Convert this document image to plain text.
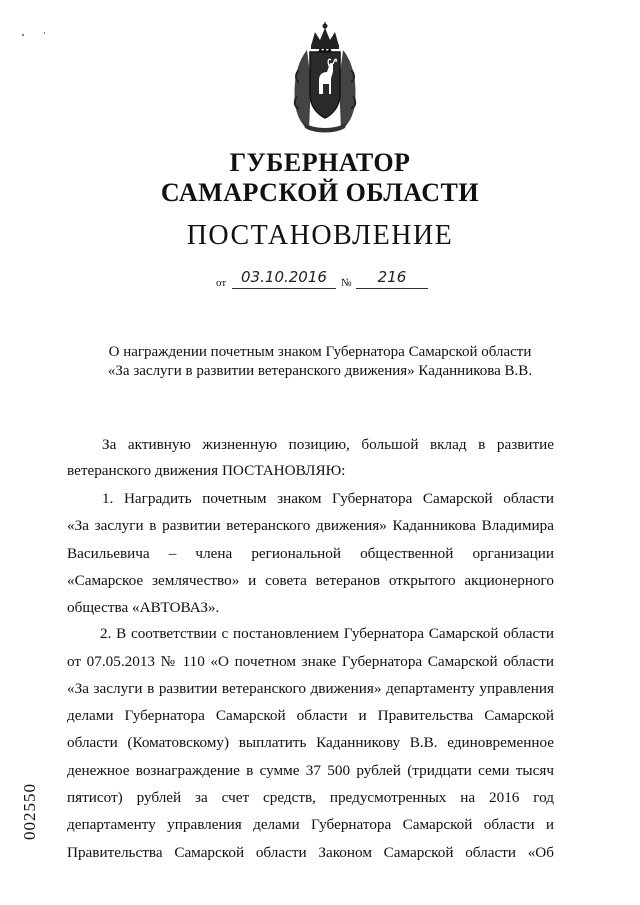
ГУБЕРНАТОР
САМАРСКОЙ ОБЛАСТИ
ПОСТАНОВЛЕНИЕ
от 03.10.2016	№	216
О награждении почетным знаком Губернатора Самарской области
«За заслуги в развитии ветеранского движения» Каданникова В.В.
За активную жизненную позицию, большой вклад в развитие
ветеранского движения ПОСТАНОВЛЯЮ:
1. Наградить почетным знаком Губернатора Самарской области
«За заслуги в развитии ветеранского движения» Каданникова Владимира
Васильевича – члена региональной общественной организации
«Самарское землячество» и совета ветеранов открытого акционерного
общества «АВТОВАЗ».
2. В соответствии с постановлением Губернатора Самарской области
от 07.05.2013 № 110 «О почетном знаке Губернатора Самарской области
«За заслуги в развитии ветеранского движения» департаменту управления
делами Губернатора Самарской области и Правительства Самарской
области (Коматовскому) выплатить Каданникову В.В. единовременное
денежное вознаграждение в сумме 37 500 рублей (тридцати семи тысяч
пятисот) рублей за счет средств, предусмотренных на 2016 год
департаменту управления делами Губернатора Самарской области и
Правительства Самарской области Законом Самарской области «Об
002550
